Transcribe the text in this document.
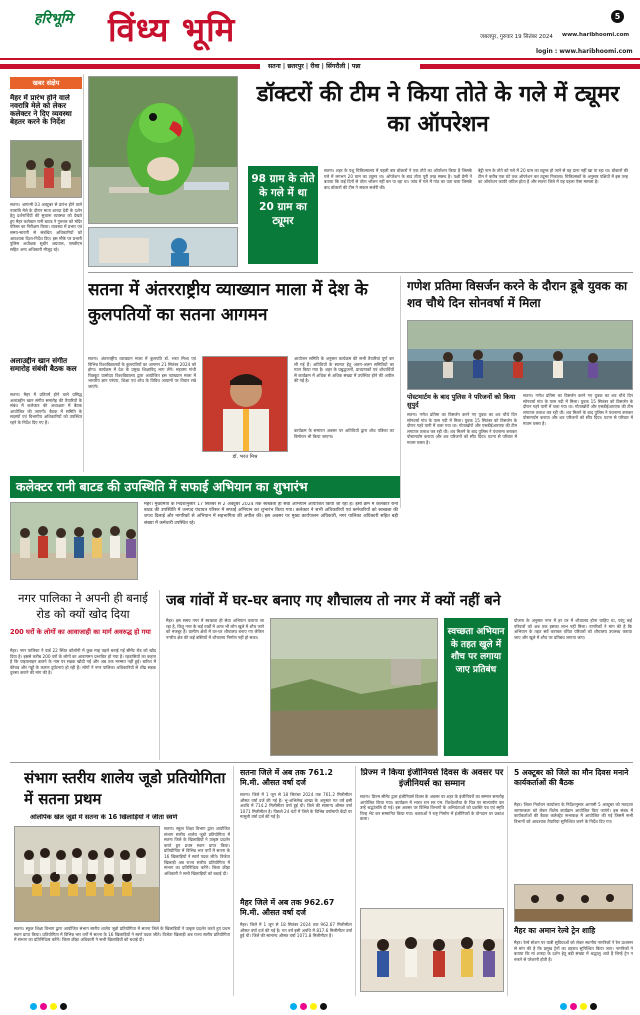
हरिभूमि विंध्य भूमि	5
जबलपुर, गुरुवार 19 सितंबर 2024 www.haribhoomi.com
login : www.haribhoomi.com
सतना | छतरपुर | रीवा | सिंगरौली | पन्ना
खबर संक्षेप
मैहर में प्रारंभ होने वाले नवरात्रि मेले को लेकर कलेक्टर ने दिए व्यवस्था बेहतर करने के निर्देश
सतना। आगामी 03 अक्टूबर से प्रारंभ होने वाले नवरात्रि मेले के दौरान माता शारदा देवी के दर्शन हेतु दर्शनार्थियों की सुचारू व्यवस्था को देखते हुए मैहर कलेक्टर रानी बाटड ने गुरुवार को मंदिर परिसर का निरीक्षण किया। व्यवस्था में प्रभार एवं समय-सारणी से संबंधित अधिकारियों को आवश्यक दिशा-निर्देश दिए। इस मौके पर प्रभारी पुलिस अधीक्षक सुधीर अग्रवाल, एसडीएम सहित अन्य अधिकारी मौजूद रहे।
अलाउद्दीन खान संगीत समारोह संबंधी बैठक कल
सतना। मैहर में प्रतिवर्ष होने वाले प्रसिद्ध अलाउद्दीन खान संगीत समारोह की तैयारियों के संबंध में कलेक्टर की अध्यक्षता में बैठक आयोजित की जाएगी। बैठक में समिति के सदस्यों एवं विभागीय अधिकारियों को उपस्थित रहने के निर्देश दिए गए हैं।
डॉक्टरों की टीम ने किया तोते के गले में ट्यूमर का ऑपरेशन
98 ग्राम के तोते के गले में था 20 ग्राम का ट्यूमर
सतना। शहर के पशु चिकित्सालय में पहली बार डॉक्टरों ने एक तोते का ऑपरेशन किया है जिसके गले में लगभग 20 ग्राम का ट्यूमर था। ऑपरेशन के बाद तोता पूरी तरह स्वस्थ है। पक्षी प्रेमी ने बताया कि कई दिनों से तोता भोजन नहीं कर पा रहा था। जांच में गले में गांठ का पता चला जिसके बाद डॉक्टरों की टीम ने सफल सर्जरी की।
बेट्टी नाम के तोते को गले में 20 ग्राम का ट्यूमर हो जाने से वह दाना नहीं खा पा रहा था। डॉक्टरों की टीम ने करीब एक घंटे तक ऑपरेशन कर ट्यूमर निकाला। चिकित्सकों के अनुसार पक्षियों में इस तरह का ऑपरेशन काफी जटिल होता है और सतना जिले में यह पहला ऐसा मामला है।
सतना में अंतरराष्ट्रीय व्याख्यान माला में देश के कुलपतियों का सतना आगमन
सतना। अंतरराष्ट्रीय व्याख्यान माला में कुलपति डॉ. भरत मिश्रा एवं विभिन्न विश्वविद्यालयों के कुलपतियों का आगमन 21 सितंबर 2024 को होगा। कार्यक्रम में देश के प्रमुख शिक्षाविद् भाग लेंगे। महात्मा गांधी चित्रकूट ग्रामोदय विश्वविद्यालय द्वारा आयोजित इस व्याख्यान माला में भारतीय ज्ञान परंपरा, शिक्षा एवं शोध के विविध आयामों पर विचार रखे जाएंगे।
डॉ. भरत मिश्र
आयोजन समिति के अनुसार कार्यक्रम की सभी तैयारियां पूर्ण कर ली गई हैं। अतिथियों के स्वागत हेतु अलग-अलग समितियों का गठन किया गया है। शहर के प्रबुद्धजनों, प्राध्यापकों एवं शोधार्थियों से कार्यक्रम में अधिक से अधिक संख्या में उपस्थित होने की अपील की गई है।
कार्यक्रम के समापन अवसर पर अतिथियों द्वारा शोध पत्रिका का विमोचन भी किया जाएगा।
गणेश प्रतिमा विसर्जन करने के दौरान डूबे युवक का शव चौथे दिन सोनवर्षा में मिला
पोस्टमार्टम के बाद पुलिस ने परिजनों को किया सुपुर्द
सतना। गणेश प्रतिमा का विसर्जन करने गए युवक का शव चौथे दिन सोनवर्षा गांव के पास नदी में मिला। युवक 15 सितंबर को विसर्जन के दौरान गहरे पानी में चला गया था। गोताखोरों और एसडीईआरएफ की टीम लगातार तलाश कर रही थी। शव मिलने के बाद पुलिस ने पंचनामा बनाकर पोस्टमार्टम कराया और शव परिजनों को सौंप दिया। घटना से परिवार में मातम पसरा है।
सतना। गणेश प्रतिमा का विसर्जन करने गए युवक का शव चौथे दिन सोनवर्षा गांव के पास नदी में मिला। युवक 15 सितंबर को विसर्जन के दौरान गहरे पानी में चला गया था। गोताखोरों और एसडीईआरएफ की टीम लगातार तलाश कर रही थी। शव मिलने के बाद पुलिस ने पंचनामा बनाकर पोस्टमार्टम कराया और शव परिजनों को सौंप दिया। घटना से परिवार में मातम पसरा है।
कलेक्टर रानी बाटड की उपस्थिति में सफाई अभियान का शुभारंभ
मैहर। मुख्यमंत्री के निर्देशानुसार 17 सितंबर से 2 अक्टूबर 2024 तक स्वच्छता ही सेवा अभियान आयोजित किया जा रहा है। इसी क्रम में कलेक्टर रानी बाटड की उपस्थिति में जनपद पंचायत परिसर में सफाई अभियान का शुभारंभ किया गया। कलेक्टर ने सभी अधिकारियों एवं कर्मचारियों को स्वच्छता की शपथ दिलाई और नागरिकों से अभियान में सहभागिता की अपील की। इस अवसर पर मुख्य कार्यपालन अधिकारी, नगर पालिका अधिकारी सहित बड़ी संख्या में कर्मचारी उपस्थित रहे।
नगर पालिका ने अपनी ही बनाई रोड को क्यों खोद दिया
200 घरों के लोगों का आवाजाही का मार्ग अवरुद्ध हो गया
मैहर। नगर पालिका ने वार्ड 22 स्थित कॉलोनी में कुछ माह पहले बनाई गई सीमेंट रोड को खोद दिया है। इससे करीब 200 घरों के लोगों का आवागमन प्रभावित हो गया है। रहवासियों का कहना है कि पाइपलाइन डालने के नाम पर सड़क खोदी गई और अब तक मरम्मत नहीं हुई। बारिश में कीचड़ और गड्ढों के कारण दुर्घटनाएं हो रही हैं। लोगों ने नगर पालिका अधिकारियों से शीघ्र सड़क दुरुस्त कराने की मांग की है।
जब गांवों में घर-घर बनाए गए शौचालय तो नगर में क्यों नहीं बने
मैहर। इस समय नगर में स्वच्छता ही सेवा अभियान चलाया जा रहा है, किंतु नगर के कई वार्डों में आज भी लोग खुले में शौच जाने को मजबूर हैं। ग्रामीण क्षेत्रों में घर-घर शौचालय बनाए गए लेकिन नगरीय क्षेत्र की कई बस्तियों में शौचालय निर्माण नहीं हो सका।
स्वच्छता अभियान के तहत खुले में शौच पर लगाया जाए प्रतिबंध
योजना के अनुसार नगर में हर घर में शौचालय होना चाहिए था, परंतु कई परिवारों को अब तक इसका लाभ नहीं मिला। नागरिकों ने मांग की है कि अभियान के तहत सर्वे कराकर वंचित परिवारों को शौचालय उपलब्ध कराया जाए और खुले में शौच पर प्रतिबंध लगाया जाए।
संभाग स्तरीय शालेय जूडो प्रतियोगिता में सतना प्रथम
ओलंपिक खेल जूडो में सतना के 16 खिलाड़ियों ने जीता स्वर्ण
सतना। स्कूल शिक्षा विभाग द्वारा आयोजित संभाग स्तरीय शालेय जूडो प्रतियोगिता में सतना जिले के खिलाड़ियों ने उत्कृष्ट प्रदर्शन करते हुए प्रथम स्थान प्राप्त किया। प्रतियोगिता में विभिन्न भार वर्गों में सतना के 16 खिलाड़ियों ने स्वर्ण पदक जीते। विजेता खिलाड़ी अब राज्य स्तरीय प्रतियोगिता में संभाग का प्रतिनिधित्व करेंगे। जिला क्रीड़ा अधिकारी ने सभी खिलाड़ियों को बधाई दी।
सतना। स्कूल शिक्षा विभाग द्वारा आयोजित संभाग स्तरीय शालेय जूडो प्रतियोगिता में सतना जिले के खिलाड़ियों ने उत्कृष्ट प्रदर्शन करते हुए प्रथम स्थान प्राप्त किया। प्रतियोगिता में विभिन्न भार वर्गों में सतना के 16 खिलाड़ियों ने स्वर्ण पदक जीते। विजेता खिलाड़ी अब राज्य स्तरीय प्रतियोगिता में संभाग का प्रतिनिधित्व करेंगे। जिला क्रीड़ा अधिकारी ने सभी खिलाड़ियों को बधाई दी।
सतना जिले में अब तक 761.2 मि.मी. औसत वर्षा दर्ज
सतना। जिले में 1 जून से 18 सितंबर 2024 तक 761.2 मिलीमीटर औसत वर्षा दर्ज की गई है। भू-अभिलेख शाखा के अनुसार गत वर्ष इसी अवधि में 714.2 मिलीमीटर वर्षा हुई थी। जिले की सामान्य औसत वर्षा 1071 मिलीमीटर है। पिछले 24 घंटों में जिले के विभिन्न वर्षामापी केंद्रों पर मामूली वर्षा दर्ज की गई है।
मैहर जिले में अब तक 962.67 मि.मी. औसत वर्षा दर्ज
मैहर। जिले में 1 जून से 18 सितंबर 2024 तक 962.67 मिलीमीटर औसत वर्षा दर्ज की गई है। गत वर्ष इसी अवधि में 817.6 मिलीमीटर वर्षा हुई थी। जिले की सामान्य औसत वर्षा 1071.8 मिलीमीटर है।
प्रिज्म ने किया इंजीनियर्स दिवस के अवसर पर इंजीनियर्स का सम्मान
सतना। प्रिज्म सीमेंट द्वारा इंजीनियर्स दिवस के अवसर पर शहर के इंजीनियरों का सम्मान समारोह आयोजित किया गया। कार्यक्रम में भारत रत्न सर एम. विश्वेश्वरैया के चित्र पर माल्यार्पण कर उन्हें श्रद्धांजलि दी गई। इस अवसर पर विभिन्न विभागों के अभियंताओं को प्रशस्ति पत्र एवं स्मृति चिन्ह भेंट कर सम्मानित किया गया। वक्ताओं ने राष्ट्र निर्माण में इंजीनियरों के योगदान पर प्रकाश डाला।
5 अक्टूबर को जिले का मौन दिवस मनाने कार्यकर्ताओं की बैठक
मैहर। जिला निर्वाचन कार्यालय के निर्देशानुसार आगामी 5 अक्टूबर को मतदाता जागरूकता को लेकर विशेष कार्यक्रम आयोजित किए जाएंगे। इस संबंध में कार्यकर्ताओं की बैठक कलेक्ट्रेट सभाकक्ष में आयोजित की गई जिसमें सभी विभागों को आवश्यक तैयारियां सुनिश्चित करने के निर्देश दिए गए।
मैहर का अमान रेल्वे ट्रेन शाहि
मैहर। रेल्वे स्टेशन पर यात्री सुविधाओं को लेकर स्थानीय नागरिकों ने रेल प्रशासन से मांग की है कि प्रमुख ट्रेनों का ठहराव सुनिश्चित किया जाए। नागरिकों ने बताया कि मां शारदा के दर्शन हेतु बड़ी संख्या में श्रद्धालु आते हैं जिन्हें ट्रेन न रुकने से परेशानी होती है।
